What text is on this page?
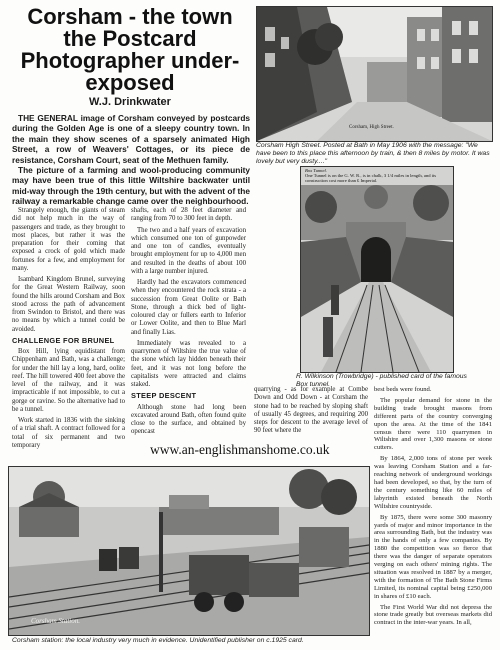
Corsham - the town the Postcard Photographer under-exposed
W.J. Drinkwater
THE GENERAL image of Corsham conveyed by postcards during the Golden Age is one of a sleepy country town. In the main they show scenes of a sparsely animated High Street, a row of Weavers' Cottages, or its piece de resistance, Corsham Court, seat of the Methuen family.
The picture of a farming and wool-producing community may have been true of this little Wiltshire backwater until mid-way through the 19th century, but with the advent of the railway a remarkable change came over the neighbourhood.

Strangely enough, the giants of steam did not help much in the way of passengers and trade, as they brought to most places, but rather it was the preparation for their coming that exposed a crock of gold which made fortunes for a few, and employment for many.

Isambard Kingdom Brunel, surveying for the Great Western Railway, soon found the hills around Corsham and Box stood across the path of advancement from Swindon to Bristol, and there was no means by which a tunnel could be avoided.

CHALLENGE FOR BRUNEL

Box Hill, lying equidistant from Chippenham and Bath, was a challenge; for under the hill lay a long, hard, oolite reef. The hill towered 400 feet above the level of the railway, and it was impracticable if not impossible, to cut a gorge or ravine. So the alternative had to be a tunnel.

Work started in 1836 with the sinking of a trial shaft. A contract followed for a total of six permanent and two temporary

shafts, each of 28 feet diameter and ranging from 70 to 300 feet in depth.

The two and a half years of excavation which consumed one ton of gunpowder and one ton of candles, eventually brought employment for up to 4,000 men and resulted in the deaths of about 100 with a large number injured.

Hardly had the excavators commenced when they encountered the rock strata - a succession from Great Oolite or Bath Stone, through a thick bed of light-coloured clay or fullers earth to Inferior or Lower Oolite, and then to Blue Marl and finally Lias.

Immediately was revealed to a quarrymen of Wiltshire the true value of the stone which lay hidden beneath their feet, and it was not long before the capitalists were attracted and claims staked.

STEEP DESCENT

Although stone had long been excavated around Bath, often found quite close to the surface, and obtained by opencast

quarrying - as for example at Combe Down and Odd Down - at Corsham the stone had to be reached by sloping shaft of usually 45 degrees, and requiring 200 steps for descent to the average level of 90 feet where the

best beds were found.

The popular demand for stone in the building trade brought masons from different parts of the country converging upon the area. At the time of the 1841 census there were 110 quarrymen in Wiltshire and over 1,300 masons or stone cutters.

By 1864, 2,000 tons of stone per week was leaving Corsham Station and a far-reaching network of underground workings had been developed, so that, by the turn of the century something like 60 miles of labyrinth existed beneath the North Wiltshire countryside.

By 1875, there were some 300 masonry yards of major and minor importance in the area surrounding Bath, but the industry was in the hands of only a few companies. By 1880 the competition was so fierce that there was the danger of separate operators verging on each others' mining rights. The situation was resolved in 1887 by a merger, with the formation of The Bath Stone Firms Limited, its nominal capital being £250,000 in shares of £10 each.

The First World War did not depress the stone trade greatly but overseas markets did contract in the inter-war years. In all,

Corsham, High Street.
Corsham High Street. Posted at Bath in May 1906 with the message: "We have been to this place this afternoon by train, & then 8 miles by motor. It was lovely but very dusty...."
Box Tunnel.
One Tunnel is on the G. W. R., is in chalk, 3 1/4 miles in length, and its construction cost more than £ Imperial.
R. Wilkinson (Trowbridge) - published card of the famous Box tunnel.
www.an-englishmanshome.co.uk
Corsham Station.
Corsham station: the local industry very much in evidence. Unidentified publisher on c.1925 card.
